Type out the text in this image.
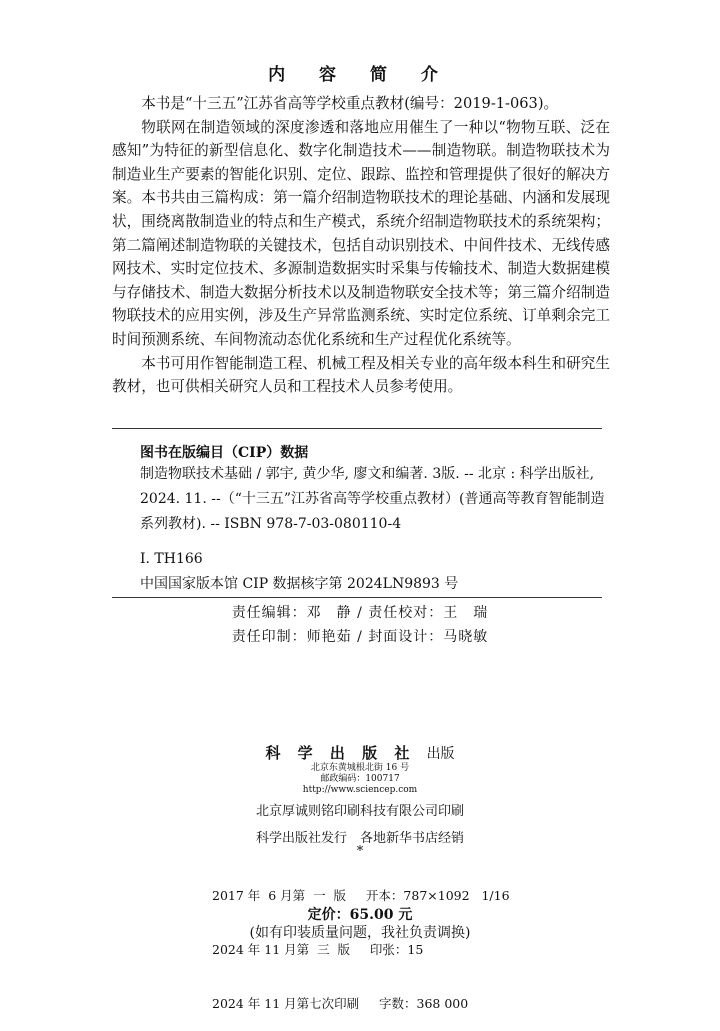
内 容 简 介

本书是“十三五”江苏省高等学校重点教材(编号：2019-1-063)。

物联网在制造领域的深度渗透和落地应用催生了一种以“物物互联、泛在感知”为特征的新型信息化、数字化制造技术——制造物联。制造物联技术为制造业生产要素的智能化识别、定位、跟踪、监控和管理提供了很好的解决方案。本书共由三篇构成：第一篇介绍制造物联技术的理论基础、内涵和发展现状，围绕离散制造业的特点和生产模式，系统介绍制造物联技术的系统架构；第二篇阐述制造物联的关键技术，包括自动识别技术、中间件技术、无线传感网技术、实时定位技术、多源制造数据实时采集与传输技术、制造大数据建模与存储技术、制造大数据分析技术以及制造物联安全技术等；第三篇介绍制造物联技术的应用实例，涉及生产异常监测系统、实时定位系统、订单剩余完工时间预测系统、车间物流动态优化系统和生产过程优化系统等。

本书可用作智能制造工程、机械工程及相关专业的高年级本科生和研究生教材，也可供相关研究人员和工程技术人员参考使用。

图书在版编目（CIP）数据

制造物联技术基础 / 郭宇, 黄少华, 廖文和编著. 3版. -- 北京 : 科学出版社, 2024. 11. --（“十三五”江苏省高等学校重点教材）(普通高等教育智能制造系列教材). -- ISBN 978-7-03-080110-4

I. TH166

中国国家版本馆 CIP 数据核字第 2024LN9893 号

责任编辑：邓　静 / 责任校对：王　瑞
责任印制：师艳茹 / 封面设计：马晓敏
科 学 出 版 社 出版
北京东黄城根北街 16 号
邮政编码：100717
http://www.sciencep.com
北京厚诚则铭印刷科技有限公司印刷
科学出版社发行　各地新华书店经销
*

2017 年  6 月第  一  版     开本：787×1092   1/16

2024 年 11 月第  三  版     印张：15

2024 年 11 月第七次印刷     字数：368 000

定价：65.00 元
(如有印装质量问题，我社负责调换)
